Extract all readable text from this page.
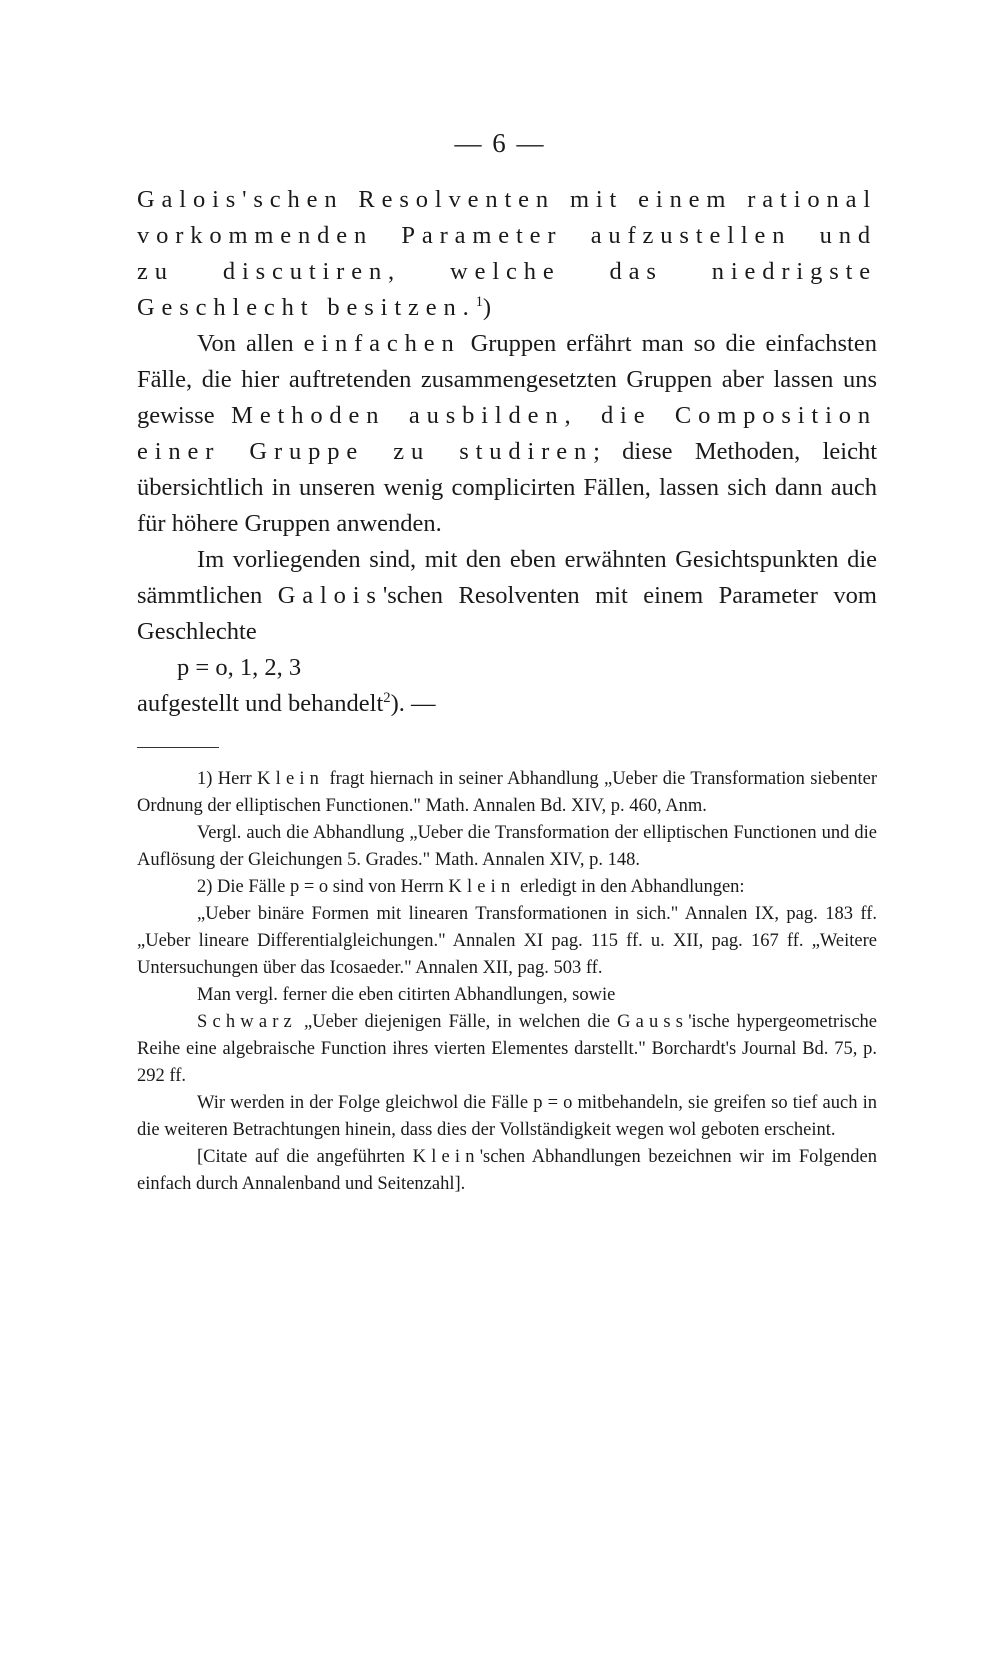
— 6 —

Galois'schen Resolventen mit einem rational vorkommenden Parameter aufzustellen und zu discutiren, welche das niedrigste Geschlecht besitzen.$^1$)

Von allen einfachen Gruppen erfährt man so die einfachsten Fälle, die hier auftretenden zusammengesetzten Gruppen aber lassen uns gewisse Methoden ausbilden, die Composition einer Gruppe zu studiren; diese Methoden, leicht übersichtlich in unseren wenig complicirten Fällen, lassen sich dann auch für höhere Gruppen anwenden.

Im vorliegenden sind, mit den eben erwähnten Gesichtspunkten die sämmtlichen Galois'schen Resolventen mit einem Parameter vom Geschlechte

p = o, 1, 2, 3

aufgestellt und behandelt$^2$). —

1) Herr Klein fragt hiernach in seiner Abhandlung „Ueber die Transformation siebenter Ordnung der elliptischen Functionen." Math. Annalen Bd. XIV, p. 460, Anm.

Vergl. auch die Abhandlung „Ueber die Transformation der elliptischen Functionen und die Auflösung der Gleichungen 5. Grades." Math. Annalen XIV, p. 148.

2) Die Fälle p = o sind von Herrn Klein erledigt in den Abhandlungen:

„Ueber binäre Formen mit linearen Transformationen in sich." Annalen IX, pag. 183 ff. „Ueber lineare Differentialgleichungen." Annalen XI pag. 115 ff. u. XII, pag. 167 ff. „Weitere Untersuchungen über das Icosaeder." Annalen XII, pag. 503 ff.

Man vergl. ferner die eben citirten Abhandlungen, sowie

Schwarz „Ueber diejenigen Fälle, in welchen die Gauss'ische hypergeometrische Reihe eine algebraische Function ihres vierten Elementes darstellt." Borchardt's Journal Bd. 75, p. 292 ff.

Wir werden in der Folge gleichwol die Fälle p = o mitbehandeln, sie greifen so tief auch in die weiteren Betrachtungen hinein, dass dies der Vollständigkeit wegen wol geboten erscheint.

[Citate auf die angeführten Klein'schen Abhandlungen bezeichnen wir im Folgenden einfach durch Annalenband und Seitenzahl].
